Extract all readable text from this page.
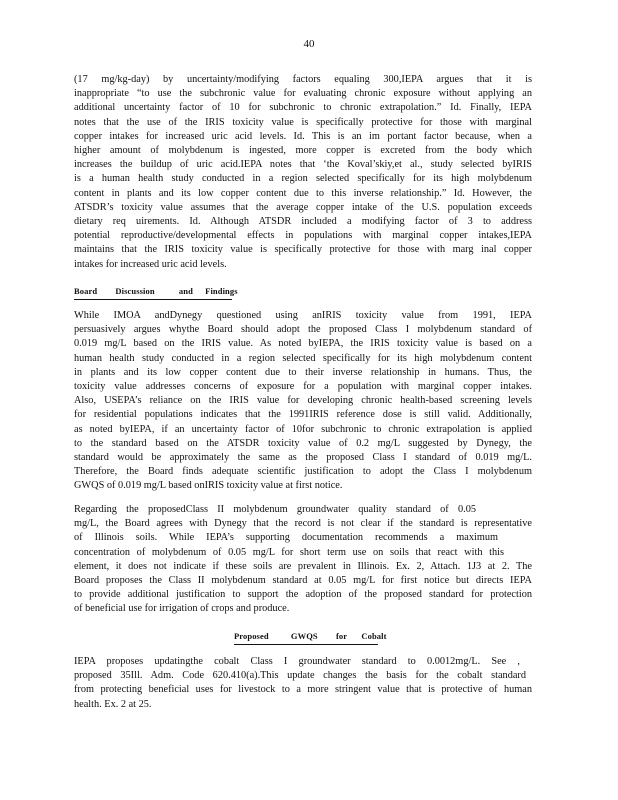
40
(17 mg/kg-day) by uncertainty/modifying factors equaling 300,IEPA argues that it is
inappropriate “to use the subchronic value for evaluating chronic exposure without applying an
additional uncertainty factor of 10 for subchronic to chronic extrapolation.” Id. Finally, IEPA
notes that the use of the IRIS toxicity value is specifically protective for those with marginal
copper intakes for increased uric acid levels. Id. This is an im portant factor because, when a
higher amount of molybdenum is ingested, more copper is excreted from the body which
increases the buildup of uric acid.IEPA notes that ‘the Koval’skiy,et al., study selected byIRIS
is a human health study conducted in a region selected specifically for its high molybdenum
content in plants and its low copper content due to this inverse relationship.” Id. However, the
ATSDR’s toxicity value assumes that the average copper intake of the U.S. population exceeds
dietary req uirements. Id. Although ATSDR included a modifying factor of 3 to address
potential reproductive/developmental effects in populations with marginal copper intakes,IEPA
maintains that the IRIS toxicity value is specifically protective for those with marg inal copper
intakes for increased uric acid levels.
Board Discussion	and Findings
While IMOA andDynegy questioned using anIRIS toxicity value from 1991, IEPA
persuasively argues whythe Board should adopt the proposed Class I molybdenum standard of
0.019 mg/L based on the IRIS value. As noted byIEPA, the IRIS toxicity value is based on a
human health study conducted in a region selected specifically for its high molybdenum content
in plants and its low copper content due to their inverse relationship in humans. Thus, the
toxicity value addresses concerns of exposure for a population with marginal copper intakes.
Also, USEPA’s reliance on the IRIS value for developing chronic health-based screening levels
for residential populations indicates that the 1991IRIS reference dose is still valid. Additionally,
as noted byIEPA, if an uncertainty factor of 10for subchronic to chronic extrapolation is applied
to the standard based on the ATSDR toxicity value of 0.2 mg/L suggested by Dynegy, the
standard would be approximately the same as the proposed Class I standard of 0.019 mg/L.
Therefore, the Board finds adequate scientific justification to adopt the Class I molybdenum
GWQS of 0.019 mg/L based onIRIS toxicity value at first notice.
Regarding the proposedClass II molybdenum groundwater quality standard of 0.05
mg/L, the Board agrees with Dynegy that the record is not clear if the standard is representative
of Illinois soils. While IEPA’s supporting documentation recommends a maximum
concentration of molybdenum of 0.05 mg/L for short term use on soils that react with this
element, it does not indicate if these soils are prevalent in Illinois. Ex. 2, Attach. 1J3 at 2. The
Board proposes the Class II molybdenum standard at 0.05 mg/L for first notice but directs IEPA
to provide additional justification to support the adoption of the proposed standard for protection
of beneficial use for irrigation of crops and produce.
Proposed	GWQS for Cobalt
IEPA proposes updatingthe cobalt Class I groundwater standard to 0.0012mg/L. See ,
proposed 35Ill. Adm. Code 620.410(a).This update changes the basis for the cobalt standard
from protecting beneficial uses for livestock to a more stringent value that is protective of human
health. Ex. 2 at 25.
